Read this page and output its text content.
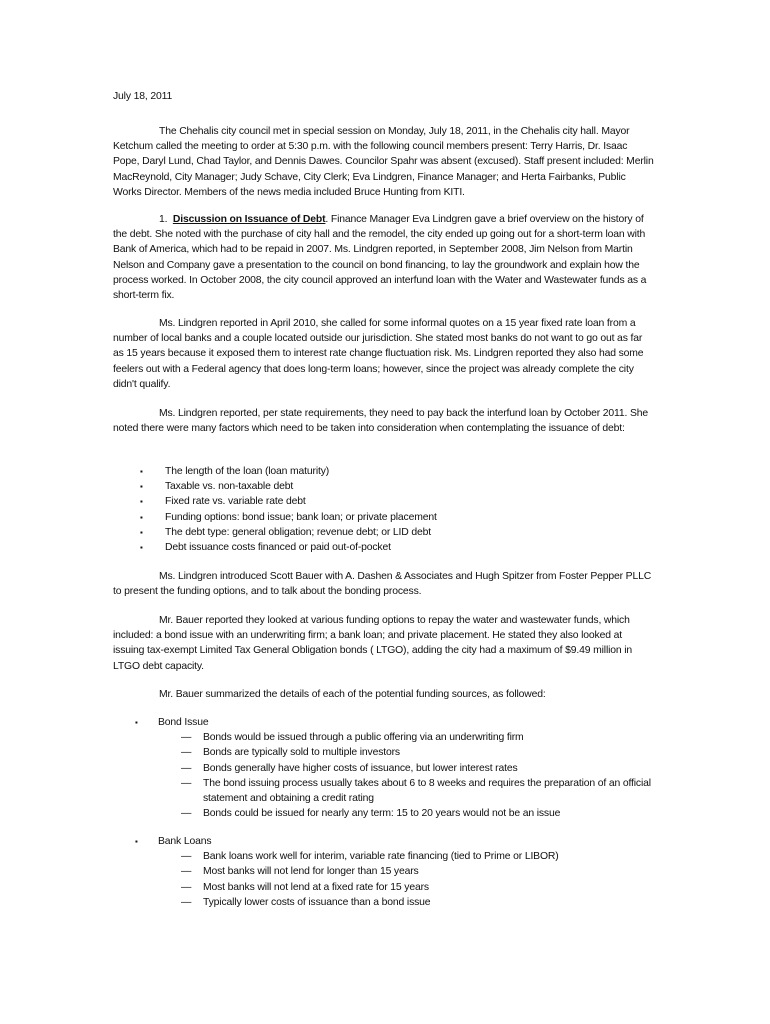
July 18, 2011

The Chehalis city council met in special session on Monday, July 18, 2011, in the Chehalis city hall. Mayor Ketchum called the meeting to order at 5:30 p.m. with the following council members present: Terry Harris, Dr. Isaac Pope, Daryl Lund, Chad Taylor, and Dennis Dawes. Councilor Spahr was absent (excused). Staff present included: Merlin MacReynold, City Manager; Judy Schave, City Clerk; Eva Lindgren, Finance Manager; and Herta Fairbanks, Public Works Director. Members of the news media included Bruce Hunting from KITI.

1. Discussion on Issuance of Debt. Finance Manager Eva Lindgren gave a brief overview on the history of the debt. She noted with the purchase of city hall and the remodel, the city ended up going out for a short-term loan with Bank of America, which had to be repaid in 2007. Ms. Lindgren reported, in September 2008, Jim Nelson from Martin Nelson and Company gave a presentation to the council on bond financing, to lay the groundwork and explain how the process worked. In October 2008, the city council approved an interfund loan with the Water and Wastewater funds as a short-term fix.

Ms. Lindgren reported in April 2010, she called for some informal quotes on a 15 year fixed rate loan from a number of local banks and a couple located outside our jurisdiction. She stated most banks do not want to go out as far as 15 years because it exposed them to interest rate change fluctuation risk. Ms. Lindgren reported they also had some feelers out with a Federal agency that does long-term loans; however, since the project was already complete the city didn't qualify.

Ms. Lindgren reported, per state requirements, they need to pay back the interfund loan by October 2011. She noted there were many factors which need to be taken into consideration when contemplating the issuance of debt:

▪ The length of the loan (loan maturity)
▪ Taxable vs. non-taxable debt
▪ Fixed rate vs. variable rate debt
▪ Funding options: bond issue; bank loan; or private placement
▪ The debt type: general obligation; revenue debt; or LID debt
▪ Debt issuance costs financed or paid out-of-pocket

Ms. Lindgren introduced Scott Bauer with A. Dashen & Associates and Hugh Spitzer from Foster Pepper PLLC to present the funding options, and to talk about the bonding process.

Mr. Bauer reported they looked at various funding options to repay the water and wastewater funds, which included: a bond issue with an underwriting firm; a bank loan; and private placement. He stated they also looked at issuing tax-exempt Limited Tax General Obligation bonds ( LTGO), adding the city had a maximum of $9.49 million in LTGO debt capacity.

Mr. Bauer summarized the details of each of the potential funding sources, as followed:

▪ Bond Issue
— Bonds would be issued through a public offering via an underwriting firm
— Bonds are typically sold to multiple investors
— Bonds generally have higher costs of issuance, but lower interest rates
— The bond issuing process usually takes about 6 to 8 weeks and requires the preparation of an official statement and obtaining a credit rating
— Bonds could be issued for nearly any term: 15 to 20 years would not be an issue
▪ Bank Loans
— Bank loans work well for interim, variable rate financing (tied to Prime or LIBOR)
— Most banks will not lend for longer than 15 years
— Most banks will not lend at a fixed rate for 15 years
— Typically lower costs of issuance than a bond issue
